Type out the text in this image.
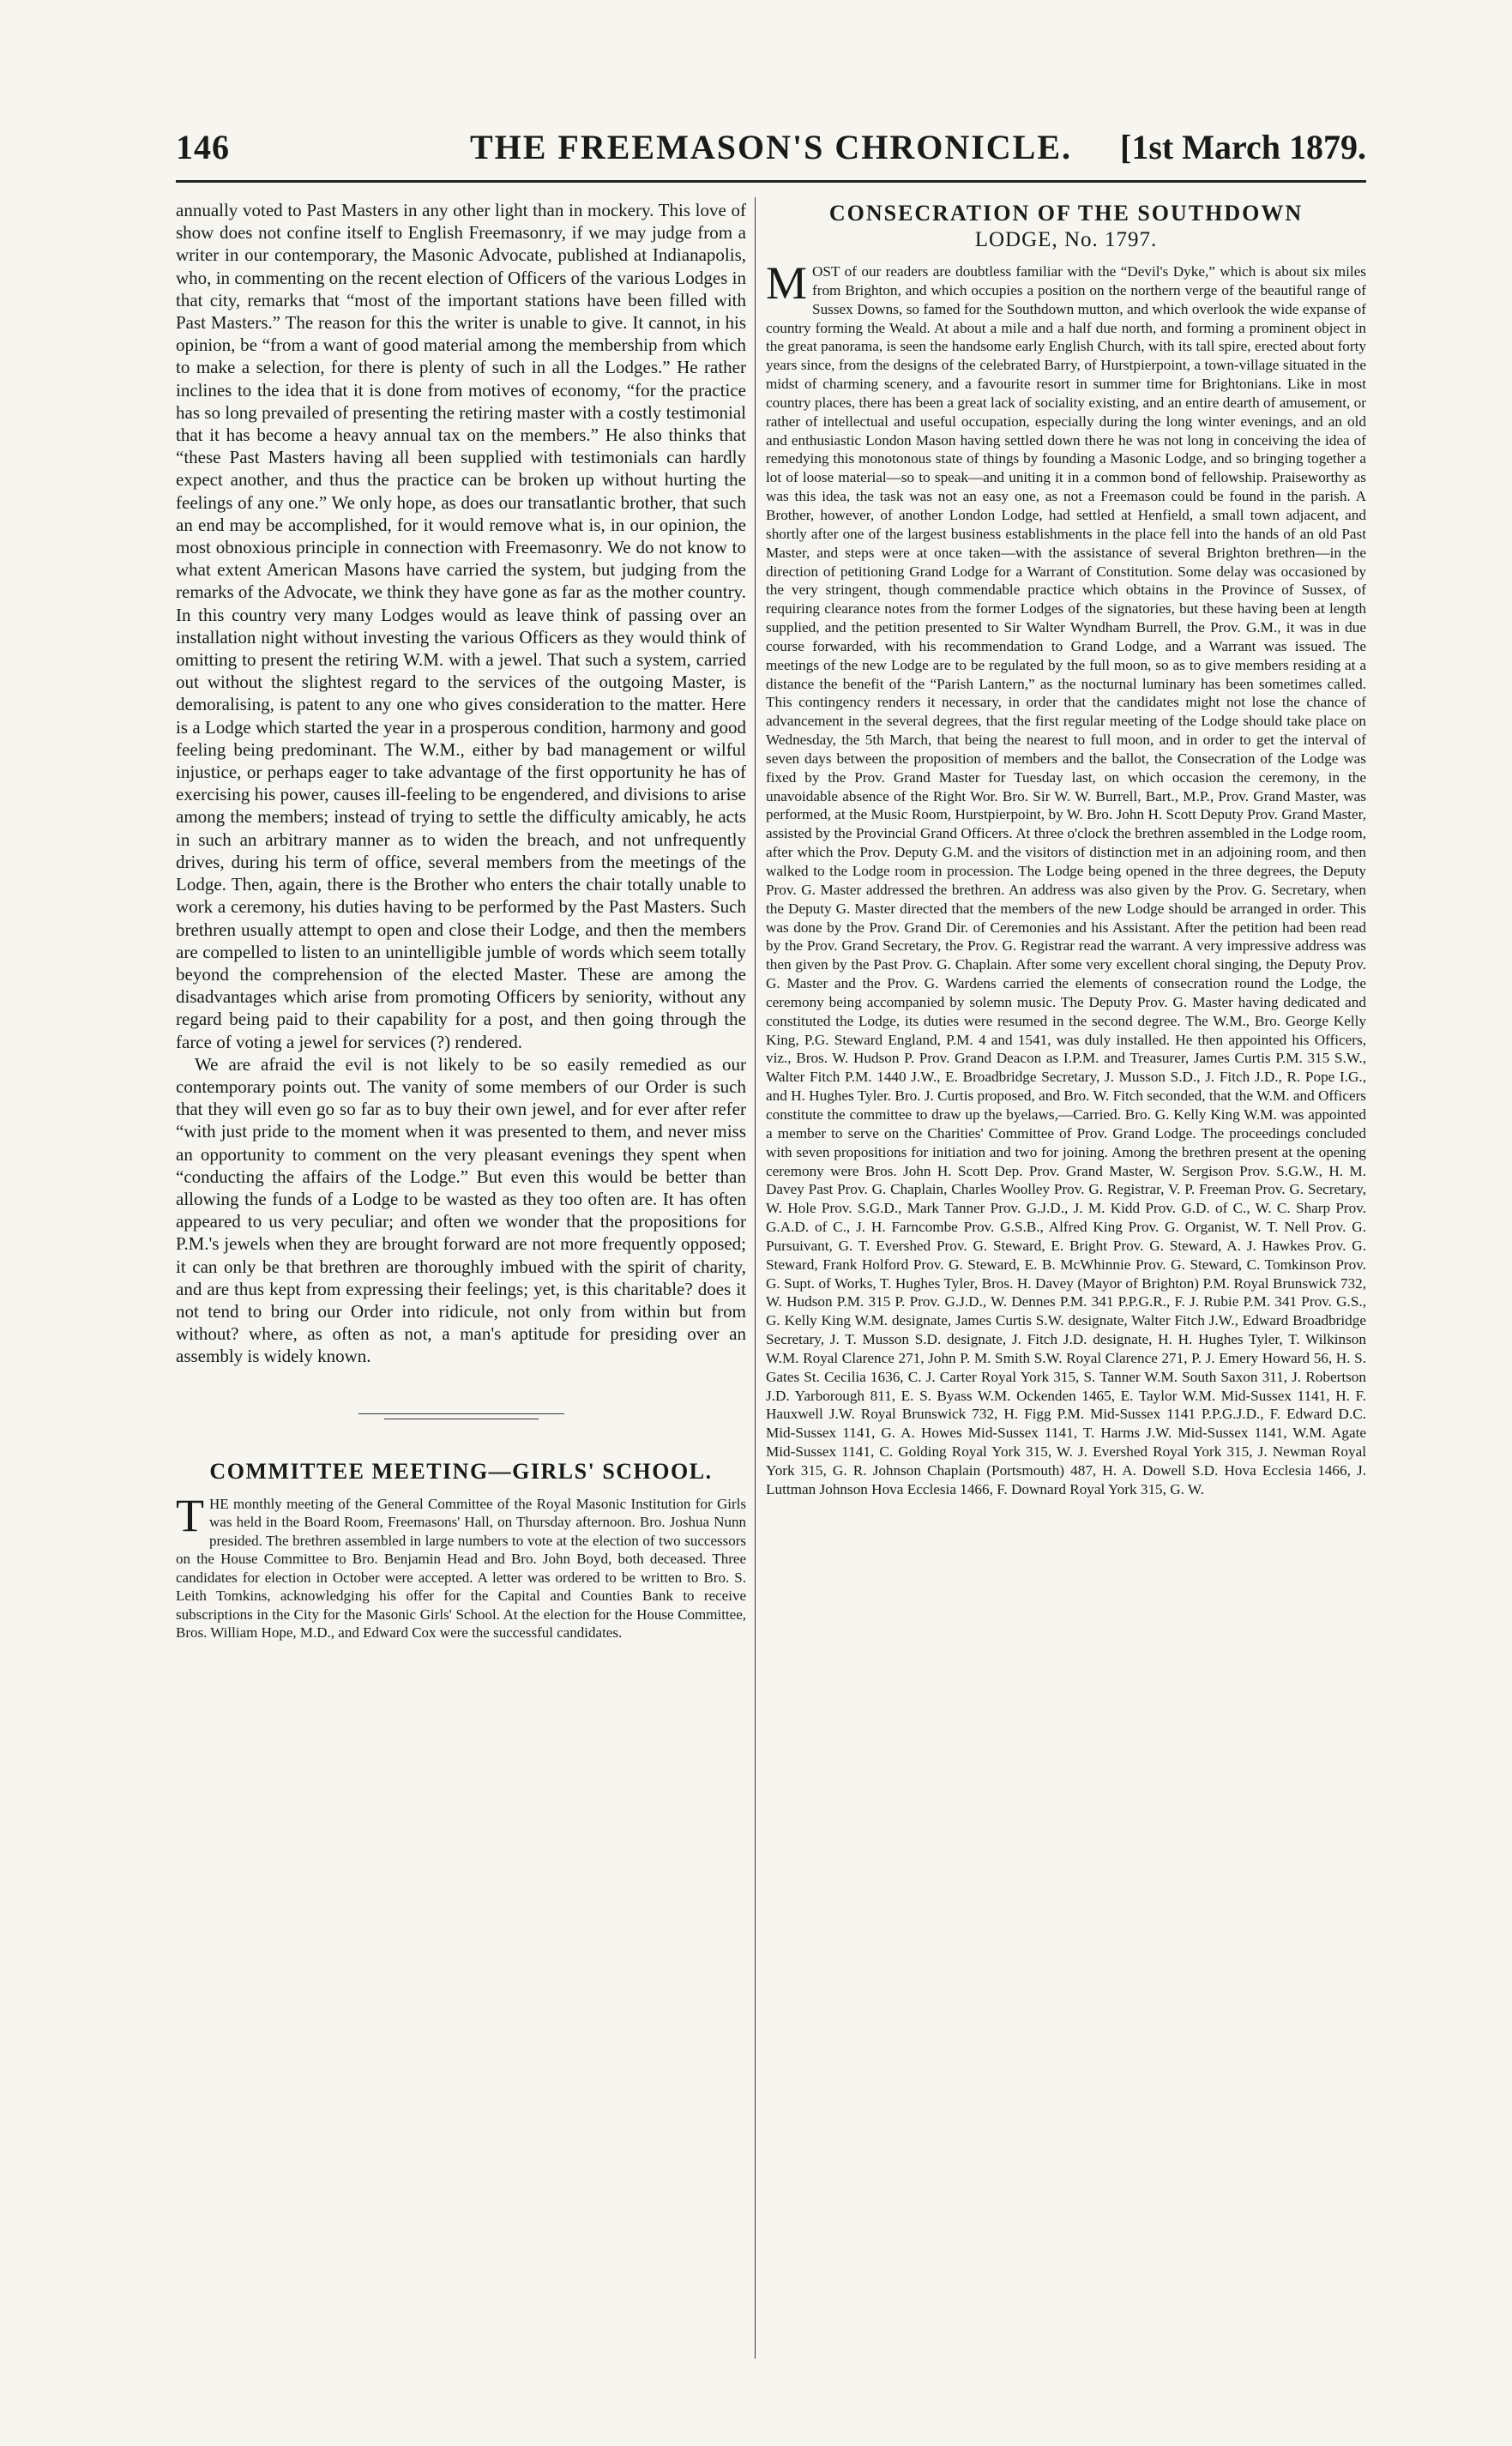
146	THE FREEMASON'S CHRONICLE.	[1st March 1879.

annually voted to Past Masters in any other light than in mockery. This love of show does not confine itself to English Freemasonry, if we may judge from a writer in our contemporary, the Masonic Advocate, published at Indianapolis, who, in commenting on the recent election of Officers of the various Lodges in that city, remarks that “most of the important stations have been filled with Past Masters.” The reason for this the writer is unable to give. It cannot, in his opinion, be “from a want of good material among the membership from which to make a selection, for there is plenty of such in all the Lodges.” He rather inclines to the idea that it is done from motives of economy, “for the practice has so long prevailed of presenting the retiring master with a costly testimonial that it has become a heavy annual tax on the members.” He also thinks that “these Past Masters having all been supplied with testimonials can hardly expect another, and thus the practice can be broken up without hurting the feelings of any one.” We only hope, as does our transatlantic brother, that such an end may be accomplished, for it would remove what is, in our opinion, the most obnoxious principle in connection with Freemasonry. We do not know to what extent American Masons have carried the system, but judging from the remarks of the Advocate, we think they have gone as far as the mother country. In this country very many Lodges would as leave think of passing over an installation night without investing the various Officers as they would think of omitting to present the retiring W.M. with a jewel. That such a system, carried out without the slightest regard to the services of the outgoing Master, is demoralising, is patent to any one who gives consideration to the matter. Here is a Lodge which started the year in a prosperous condition, harmony and good feeling being predominant. The W.M., either by bad management or wilful injustice, or perhaps eager to take advantage of the first opportunity he has of exercising his power, causes ill-feeling to be engendered, and divisions to arise among the members; instead of trying to settle the difficulty amicably, he acts in such an arbitrary manner as to widen the breach, and not unfrequently drives, during his term of office, several members from the meetings of the Lodge. Then, again, there is the Brother who enters the chair totally unable to work a ceremony, his duties having to be performed by the Past Masters. Such brethren usually attempt to open and close their Lodge, and then the members are compelled to listen to an unintelligible jumble of words which seem totally beyond the comprehension of the elected Master. These are among the disadvantages which arise from promoting Officers by seniority, without any regard being paid to their capability for a post, and then going through the farce of voting a jewel for services (?) rendered.

We are afraid the evil is not likely to be so easily remedied as our contemporary points out. The vanity of some members of our Order is such that they will even go so far as to buy their own jewel, and for ever after refer “with just pride to the moment when it was presented to them, and never miss an opportunity to comment on the very pleasant evenings they spent when “conducting the affairs of the Lodge.” But even this would be better than allowing the funds of a Lodge to be wasted as they too often are. It has often appeared to us very peculiar; and often we wonder that the propositions for P.M.'s jewels when they are brought forward are not more frequently opposed; it can only be that brethren are thoroughly imbued with the spirit of charity, and are thus kept from expressing their feelings; yet, is this charitable? does it not tend to bring our Order into ridicule, not only from within but from without? where, as often as not, a man's aptitude for presiding over an assembly is widely known.

COMMITTEE MEETING—GIRLS' SCHOOL.

THE monthly meeting of the General Committee of the Royal Masonic Institution for Girls was held in the Board Room, Freemasons' Hall, on Thursday afternoon. Bro. Joshua Nunn presided. The brethren assembled in large numbers to vote at the election of two successors on the House Committee to Bro. Benjamin Head and Bro. John Boyd, both deceased. Three candidates for election in October were accepted. A letter was ordered to be written to Bro. S. Leith Tomkins, acknowledging his offer for the Capital and Counties Bank to receive subscriptions in the City for the Masonic Girls' School. At the election for the House Committee, Bros. William Hope, M.D., and Edward Cox were the successful candidates.

CONSECRATION OF THE SOUTHDOWN
LODGE, No. 1797.

MOST of our readers are doubtless familiar with the “Devil's Dyke,” which is about six miles from Brighton, and which occupies a position on the northern verge of the beautiful range of Sussex Downs, so famed for the Southdown mutton, and which overlook the wide expanse of country forming the Weald. At about a mile and a half due north, and forming a prominent object in the great panorama, is seen the handsome early English Church, with its tall spire, erected about forty years since, from the designs of the celebrated Barry, of Hurstpierpoint, a town-village situated in the midst of charming scenery, and a favourite resort in summer time for Brightonians. Like in most country places, there has been a great lack of sociality existing, and an entire dearth of amusement, or rather of intellectual and useful occupation, especially during the long winter evenings, and an old and enthusiastic London Mason having settled down there he was not long in conceiving the idea of remedying this monotonous state of things by founding a Masonic Lodge, and so bringing together a lot of loose material—so to speak—and uniting it in a common bond of fellowship. Praiseworthy as was this idea, the task was not an easy one, as not a Freemason could be found in the parish. A Brother, however, of another London Lodge, had settled at Henfield, a small town adjacent, and shortly after one of the largest business establishments in the place fell into the hands of an old Past Master, and steps were at once taken—with the assistance of several Brighton brethren—in the direction of petitioning Grand Lodge for a Warrant of Constitution. Some delay was occasioned by the very stringent, though commendable practice which obtains in the Province of Sussex, of requiring clearance notes from the former Lodges of the signatories, but these having been at length supplied, and the petition presented to Sir Walter Wyndham Burrell, the Prov. G.M., it was in due course forwarded, with his recommendation to Grand Lodge, and a Warrant was issued. The meetings of the new Lodge are to be regulated by the full moon, so as to give members residing at a distance the benefit of the “Parish Lantern,” as the nocturnal luminary has been sometimes called. This contingency renders it necessary, in order that the candidates might not lose the chance of advancement in the several degrees, that the first regular meeting of the Lodge should take place on Wednesday, the 5th March, that being the nearest to full moon, and in order to get the interval of seven days between the proposition of members and the ballot, the Consecration of the Lodge was fixed by the Prov. Grand Master for Tuesday last, on which occasion the ceremony, in the unavoidable absence of the Right Wor. Bro. Sir W. W. Burrell, Bart., M.P., Prov. Grand Master, was performed, at the Music Room, Hurstpierpoint, by W. Bro. John H. Scott Deputy Prov. Grand Master, assisted by the Provincial Grand Officers. At three o'clock the brethren assembled in the Lodge room, after which the Prov. Deputy G.M. and the visitors of distinction met in an adjoining room, and then walked to the Lodge room in procession. The Lodge being opened in the three degrees, the Deputy Prov. G. Master addressed the brethren. An address was also given by the Prov. G. Secretary, when the Deputy G. Master directed that the members of the new Lodge should be arranged in order. This was done by the Prov. Grand Dir. of Ceremonies and his Assistant. After the petition had been read by the Prov. Grand Secretary, the Prov. G. Registrar read the warrant. A very impressive address was then given by the Past Prov. G. Chaplain. After some very excellent choral singing, the Deputy Prov. G. Master and the Prov. G. Wardens carried the elements of consecration round the Lodge, the ceremony being accompanied by solemn music. The Deputy Prov. G. Master having dedicated and constituted the Lodge, its duties were resumed in the second degree. The W.M., Bro. George Kelly King, P.G. Steward England, P.M. 4 and 1541, was duly installed. He then appointed his Officers, viz., Bros. W. Hudson P. Prov. Grand Deacon as I.P.M. and Treasurer, James Curtis P.M. 315 S.W., Walter Fitch P.M. 1440 J.W., E. Broadbridge Secretary, J. Musson S.D., J. Fitch J.D., R. Pope I.G., and H. Hughes Tyler. Bro. J. Curtis proposed, and Bro. W. Fitch seconded, that the W.M. and Officers constitute the committee to draw up the byelaws,—Carried. Bro. G. Kelly King W.M. was appointed a member to serve on the Charities' Committee of Prov. Grand Lodge. The proceedings concluded with seven propositions for initiation and two for joining. Among the brethren present at the opening ceremony were Bros. John H. Scott Dep. Prov. Grand Master, W. Sergison Prov. S.G.W., H. M. Davey Past Prov. G. Chaplain, Charles Woolley Prov. G. Registrar, V. P. Freeman Prov. G. Secretary, W. Hole Prov. S.G.D., Mark Tanner Prov. G.J.D., J. M. Kidd Prov. G.D. of C., W. C. Sharp Prov. G.A.D. of C., J. H. Farncombe Prov. G.S.B., Alfred King Prov. G. Organist, W. T. Nell Prov. G. Pursuivant, G. T. Evershed Prov. G. Steward, E. Bright Prov. G. Steward, A. J. Hawkes Prov. G. Steward, Frank Holford Prov. G. Steward, E. B. McWhinnie Prov. G. Steward, C. Tomkinson Prov. G. Supt. of Works, T. Hughes Tyler, Bros. H. Davey (Mayor of Brighton) P.M. Royal Brunswick 732, W. Hudson P.M. 315 P. Prov. G.J.D., W. Dennes P.M. 341 P.P.G.R., F. J. Rubie P.M. 341 Prov. G.S., G. Kelly King W.M. designate, James Curtis S.W. designate, Walter Fitch J.W., Edward Broadbridge Secretary, J. T. Musson S.D. designate, J. Fitch J.D. designate, H. H. Hughes Tyler, T. Wilkinson W.M. Royal Clarence 271, John P. M. Smith S.W. Royal Clarence 271, P. J. Emery Howard 56, H. S. Gates St. Cecilia 1636, C. J. Carter Royal York 315, S. Tanner W.M. South Saxon 311, J. Robertson J.D. Yarborough 811, E. S. Byass W.M. Ockenden 1465, E. Taylor W.M. Mid-Sussex 1141, H. F. Hauxwell J.W. Royal Brunswick 732, H. Figg P.M. Mid-Sussex 1141 P.P.G.J.D., F. Edward D.C. Mid-Sussex 1141, G. A. Howes Mid-Sussex 1141, T. Harms J.W. Mid-Sussex 1141, W.M. Agate Mid-Sussex 1141, C. Golding Royal York 315, W. J. Evershed Royal York 315, J. Newman Royal York 315, G. R. Johnson Chaplain (Portsmouth) 487, H. A. Dowell S.D. Hova Ecclesia 1466, J. Luttman Johnson Hova Ecclesia 1466, F. Downard Royal York 315, G. W.
